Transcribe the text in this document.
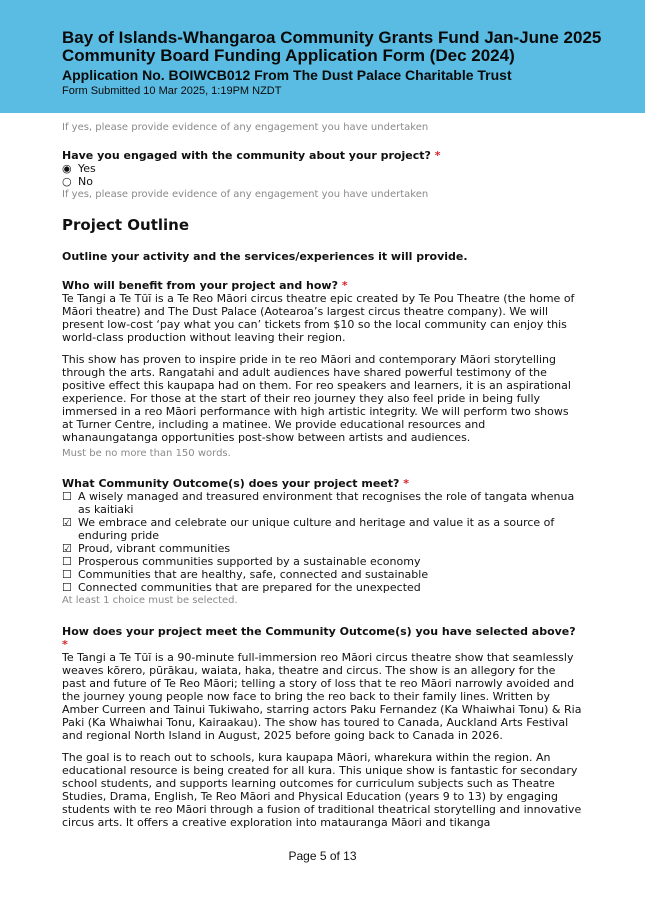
Bay of Islands-Whangaroa Community Grants Fund Jan-June 2025
Community Board Funding Application Form (Dec 2024)
Application No. BOIWCB012 From The Dust Palace Charitable Trust
Form Submitted 10 Mar 2025, 1:19PM NZDT
If yes, please provide evidence of any engagement you have undertaken
Have you engaged with the community about your project? *
◉ Yes
○ No
If yes, please provide evidence of any engagement you have undertaken
Project Outline
Outline your activity and the services/experiences it will provide.
Who will benefit from your project and how? *

Te Tangi a Te Tūī is a Te Reo Māori circus theatre epic created by Te Pou Theatre (the home of Māori theatre) and The Dust Palace (Aotearoa’s largest circus theatre company). We will present low-cost ‘pay what you can’ tickets from $10 so the local community can enjoy this world-class production without leaving their region.

This show has proven to inspire pride in te reo Māori and contemporary Māori storytelling through the arts. Rangatahi and adult audiences have shared powerful testimony of the positive effect this kaupapa had on them. For reo speakers and learners, it is an aspirational experience. For those at the start of their reo journey they also feel pride in being fully immersed in a reo Māori performance with high artistic integrity. We will perform two shows at Turner Centre, including a matinee. We provide educational resources and whanaungatanga opportunities post-show between artists and audiences.

Must be no more than 150 words.
What Community Outcome(s) does your project meet? *
☐ A wisely managed and treasured environment that recognises the role of tangata whenua as kaitiaki
☑ We embrace and celebrate our unique culture and heritage and value it as a source of enduring pride
☑ Proud, vibrant communities
☐ Prosperous communities supported by a sustainable economy
☐ Communities that are healthy, safe, connected and sustainable
☐ Connected communities that are prepared for the unexpected
At least 1 choice must be selected.
How does your project meet the Community Outcome(s) you have selected above? *

Te Tangi a Te Tūī is a 90-minute full-immersion reo Māori circus theatre show that seamlessly weaves kōrero, pūrākau, waiata, haka, theatre and circus. The show is an allegory for the past and future of Te Reo Māori; telling a story of loss that te reo Māori narrowly avoided and the journey young people now face to bring the reo back to their family lines. Written by Amber Curreen and Tainui Tukiwaho, starring actors Paku Fernandez (Ka Whaiwhai Tonu) & Ria Paki (Ka Whaiwhai Tonu, Kairaakau). The show has toured to Canada, Auckland Arts Festival and regional North Island in August, 2025 before going back to Canada in 2026.

The goal is to reach out to schools, kura kaupapa Māori, wharekura within the region. An educational resource is being created for all kura. This unique show is fantastic for secondary school students, and supports learning outcomes for curriculum subjects such as Theatre Studies, Drama, English, Te Reo Māori and Physical Education (years 9 to 13) by engaging students with te reo Māori through a fusion of traditional theatrical storytelling and innovative circus arts. It offers a creative exploration into matauranga Māori and tikanga

Page 5 of 13
